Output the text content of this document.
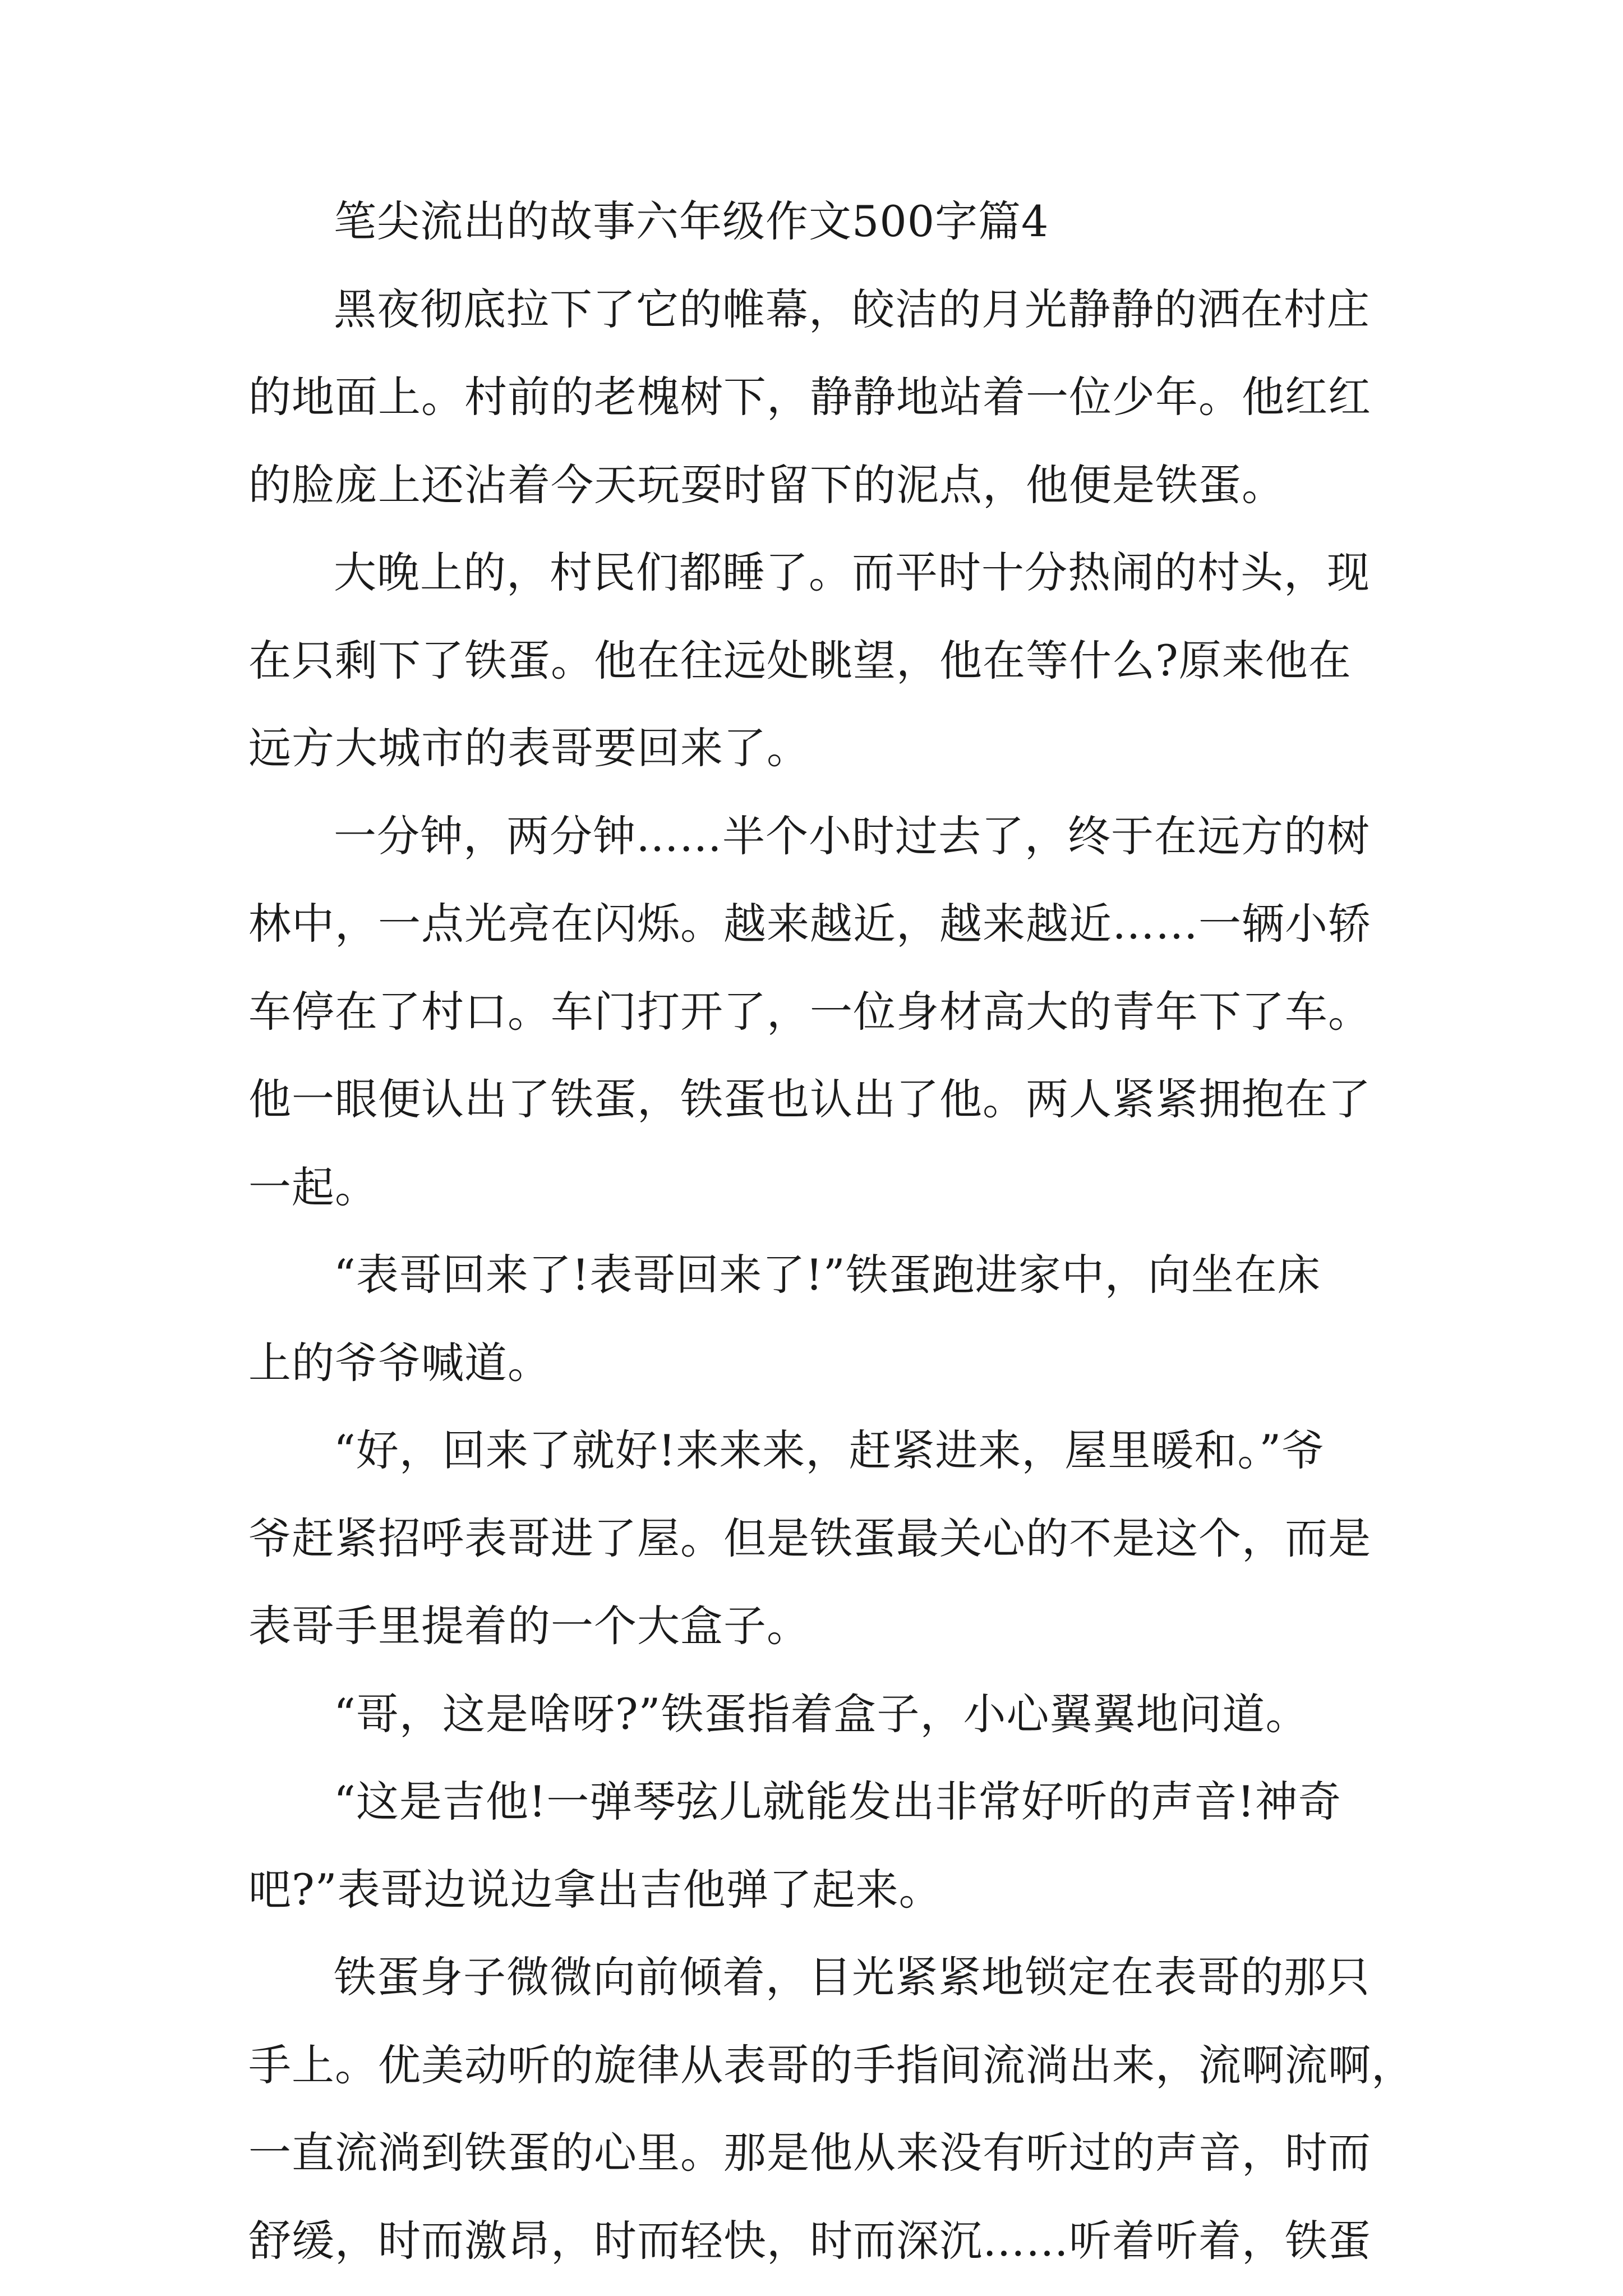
笔尖流出的故事六年级作文500字篇4
黑夜彻底拉下了它的帷幕，皎洁的月光静静的洒在村庄
的地面上。村前的老槐树下，静静地站着一位少年。他红红
的脸庞上还沾着今天玩耍时留下的泥点，他便是铁蛋。
大晚上的，村民们都睡了。而平时十分热闹的村头，现
在只剩下了铁蛋。他在往远处眺望，他在等什么?原来他在
远方大城市的表哥要回来了。
一分钟，两分钟……半个小时过去了，终于在远方的树
林中，一点光亮在闪烁。越来越近，越来越近……一辆小轿
车停在了村口。车门打开了，一位身材高大的青年下了车。
他一眼便认出了铁蛋，铁蛋也认出了他。两人紧紧拥抱在了
一起。
“表哥回来了!表哥回来了!”铁蛋跑进家中，向坐在床
上的爷爷喊道。
“好，回来了就好!来来来，赶紧进来，屋里暖和。”爷
爷赶紧招呼表哥进了屋。但是铁蛋最关心的不是这个，而是
表哥手里提着的一个大盒子。
“哥，这是啥呀?”铁蛋指着盒子，小心翼翼地问道。
“这是吉他!一弹琴弦儿就能发出非常好听的声音!神奇
吧?”表哥边说边拿出吉他弹了起来。
铁蛋身子微微向前倾着，目光紧紧地锁定在表哥的那只
手上。优美动听的旋律从表哥的手指间流淌出来，流啊流啊，
一直流淌到铁蛋的心里。那是他从来没有听过的声音，时而
舒缓，时而激昂，时而轻快，时而深沉……听着听着，铁蛋
